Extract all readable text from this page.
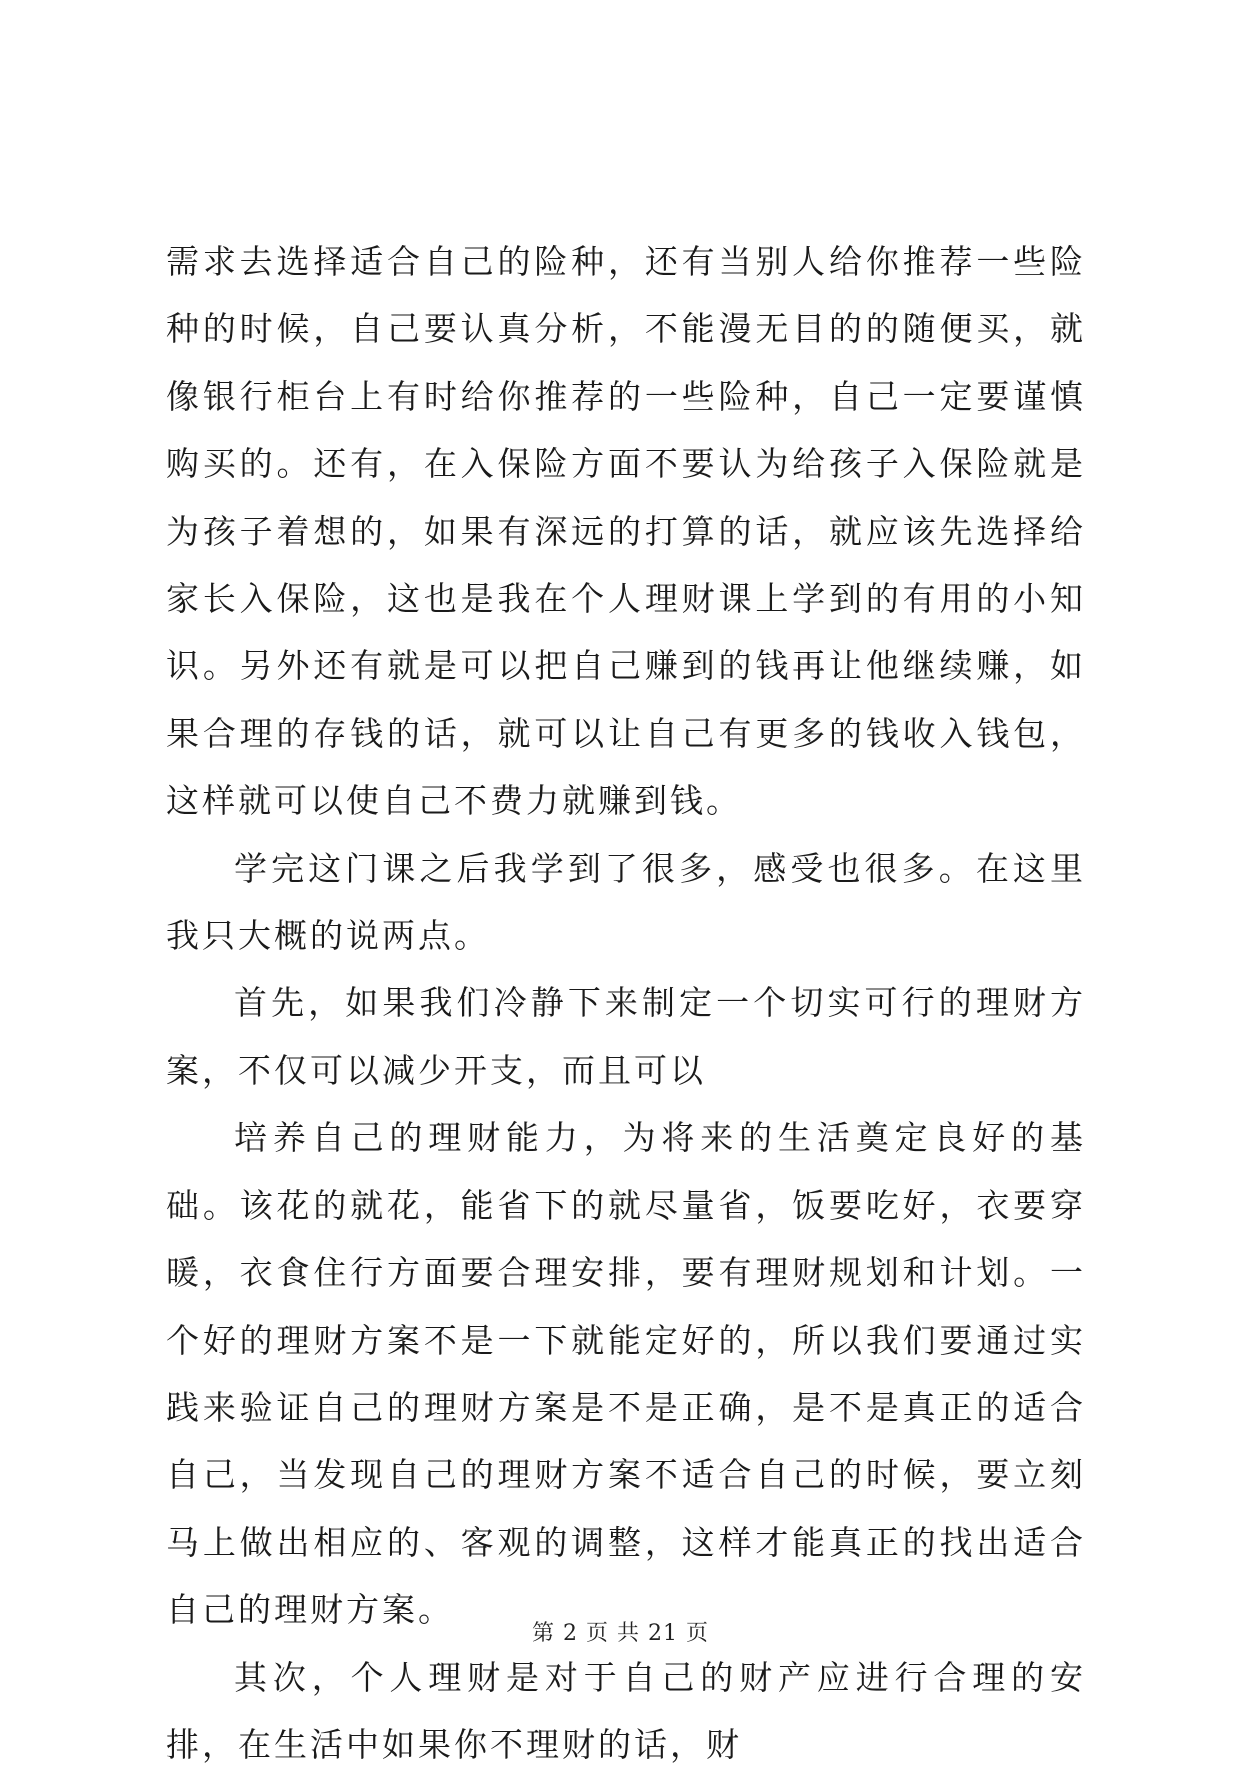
需求去选择适合自己的险种，还有当别人给你推荐一些险种的时候，自己要认真分析，不能漫无目的的随便买，就像银行柜台上有时给你推荐的一些险种，自己一定要谨慎购买的。还有，在入保险方面不要认为给孩子入保险就是为孩子着想的，如果有深远的打算的话，就应该先选择给家长入保险，这也是我在个人理财课上学到的有用的小知识。另外还有就是可以把自己赚到的钱再让他继续赚，如果合理的存钱的话，就可以让自己有更多的钱收入钱包，这样就可以使自己不费力就赚到钱。

学完这门课之后我学到了很多，感受也很多。在这里我只大概的说两点。

首先，如果我们冷静下来制定一个切实可行的理财方案，不仅可以减少开支，而且可以

培养自己的理财能力，为将来的生活奠定良好的基础。该花的就花，能省下的就尽量省，饭要吃好，衣要穿暖，衣食住行方面要合理安排，要有理财规划和计划。一个好的理财方案不是一下就能定好的，所以我们要通过实践来验证自己的理财方案是不是正确，是不是真正的适合自己，当发现自己的理财方案不适合自己的时候，要立刻马上做出相应的、客观的调整，这样才能真正的找出适合自己的理财方案。

其次，个人理财是对于自己的财产应进行合理的安排，在生活中如果你不理财的话，财

第 2 页 共 21 页
